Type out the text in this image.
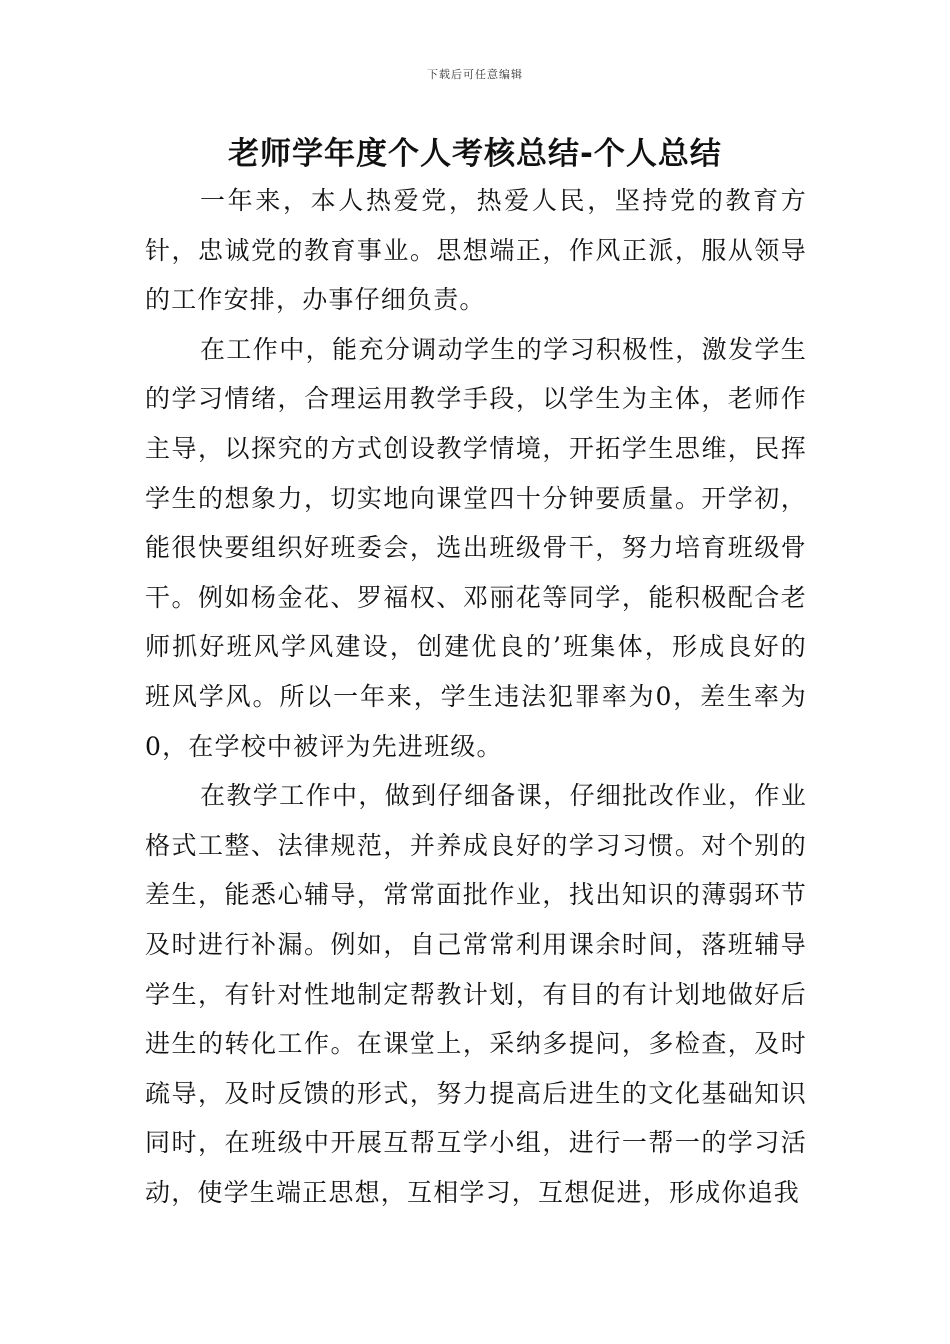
下载后可任意编辑
老师学年度个人考核总结-个人总结

一年来，本人热爱党，热爱人民，坚持党的教育方针，忠诚党的教育事业。思想端正，作风正派，服从领导的工作安排，办事仔细负责。

在工作中，能充分调动学生的学习积极性，激发学生的学习情绪，合理运用教学手段，以学生为主体，老师作主导，以探究的方式创设教学情境，开拓学生思维，民挥学生的想象力，切实地向课堂四十分钟要质量。开学初，能很快要组织好班委会，选出班级骨干，努力培育班级骨干。例如杨金花、罗福权、邓丽花等同学，能积极配合老师抓好班风学风建设，创建优良的’班集体，形成良好的班风学风。所以一年来，学生违法犯罪率为0，差生率为0，在学校中被评为先进班级。

在教学工作中，做到仔细备课，仔细批改作业，作业格式工整、法律规范，并养成良好的学习习惯。对个别的差生，能悉心辅导，常常面批作业，找出知识的薄弱环节及时进行补漏。例如，自己常常利用课余时间，落班辅导学生，有针对性地制定帮教计划，有目的有计划地做好后进生的转化工作。在课堂上，采纳多提问，多检查，及时疏导，及时反馈的形式，努力提高后进生的文化基础知识同时，在班级中开展互帮互学小组，进行一帮一的学习活动，使学生端正思想，互相学习，互想促进，形成你追我
